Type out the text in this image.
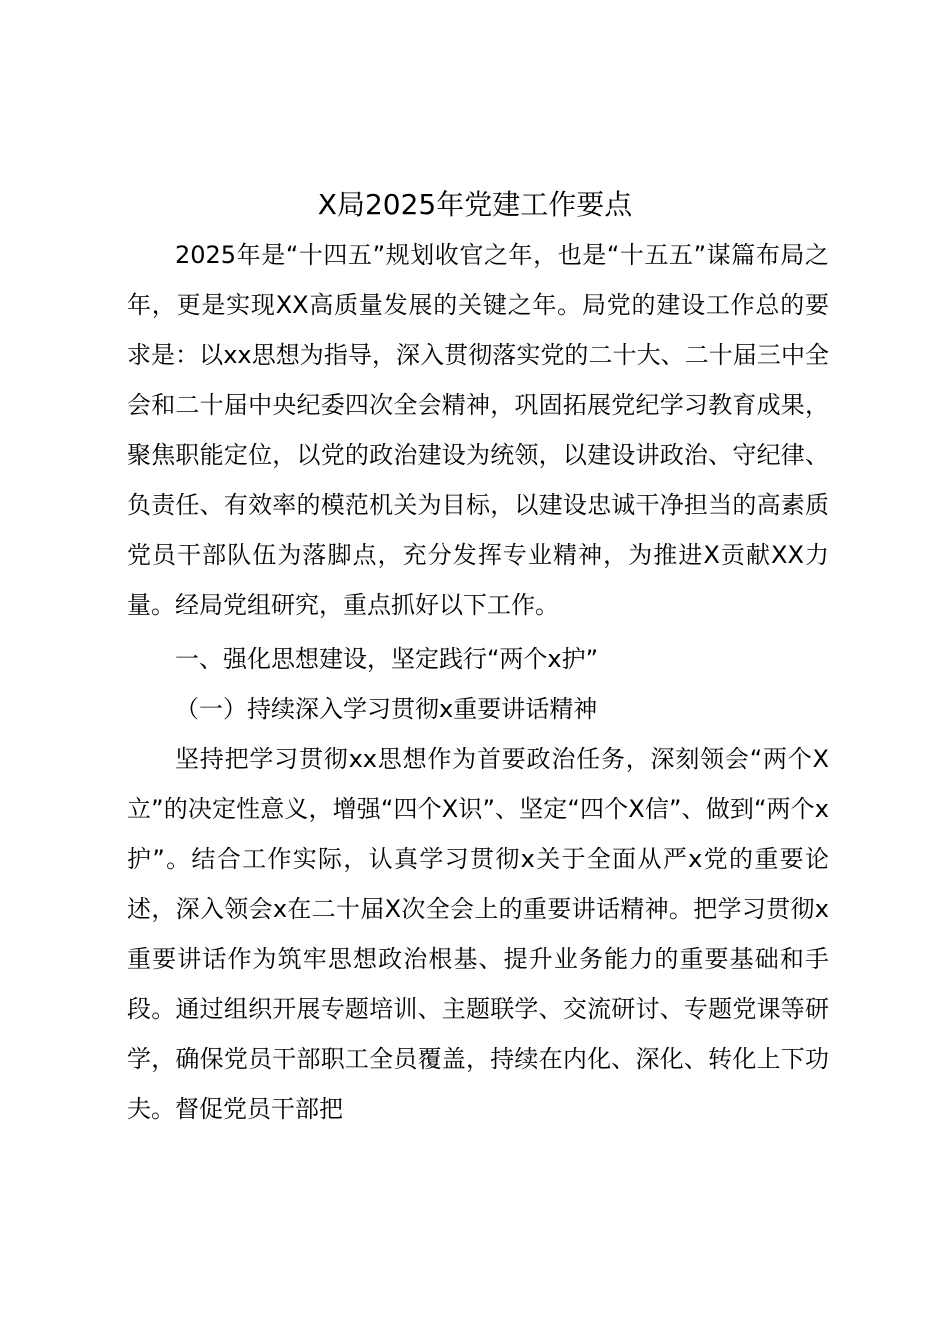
X局2025年党建工作要点

2025年是“十四五”规划收官之年，也是“十五五”谋篇布局之年，更是实现XX高质量发展的关键之年。局党的建设工作总的要求是：以xx思想为指导，深入贯彻落实党的二十大、二十届三中全会和二十届中央纪委四次全会精神，巩固拓展党纪学习教育成果，聚焦职能定位，以党的政治建设为统领，以建设讲政治、守纪律、负责任、有效率的模范机关为目标，以建设忠诚干净担当的高素质党员干部队伍为落脚点，充分发挥专业精神，为推进X贡献XX力量。经局党组研究，重点抓好以下工作。

一、强化思想建设，坚定践行“两个x护”

（一）持续深入学习贯彻x重要讲话精神

坚持把学习贯彻xx思想作为首要政治任务，深刻领会“两个X立”的决定性意义，增强“四个X识”、坚定“四个X信”、做到“两个x护”。结合工作实际，认真学习贯彻x关于全面从严x党的重要论述，深入领会x在二十届X次全会上的重要讲话精神。把学习贯彻x重要讲话作为筑牢思想政治根基、提升业务能力的重要基础和手段。通过组织开展专题培训、主题联学、交流研讨、专题党课等研学，确保党员干部职工全员覆盖，持续在内化、深化、转化上下功夫。督促党员干部把
